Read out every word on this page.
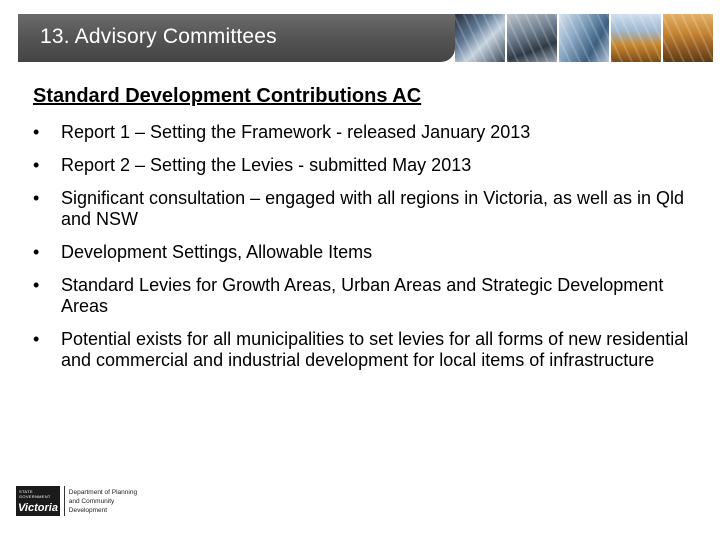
13. Advisory Committees
Standard Development Contributions AC
• Report 1 – Setting the Framework - released January 2013
• Report 2 – Setting the Levies - submitted May 2013
• Significant consultation – engaged with all regions in Victoria, as well as in Qld and NSW
• Development Settings, Allowable Items
• Standard Levies for Growth Areas, Urban Areas and Strategic Development Areas
• Potential exists for all municipalities to set levies for all forms of new residential and commercial and industrial development for local items of infrastructure
STATE GOVERNMENT
Victoria
Department of Planning
and Community Development
